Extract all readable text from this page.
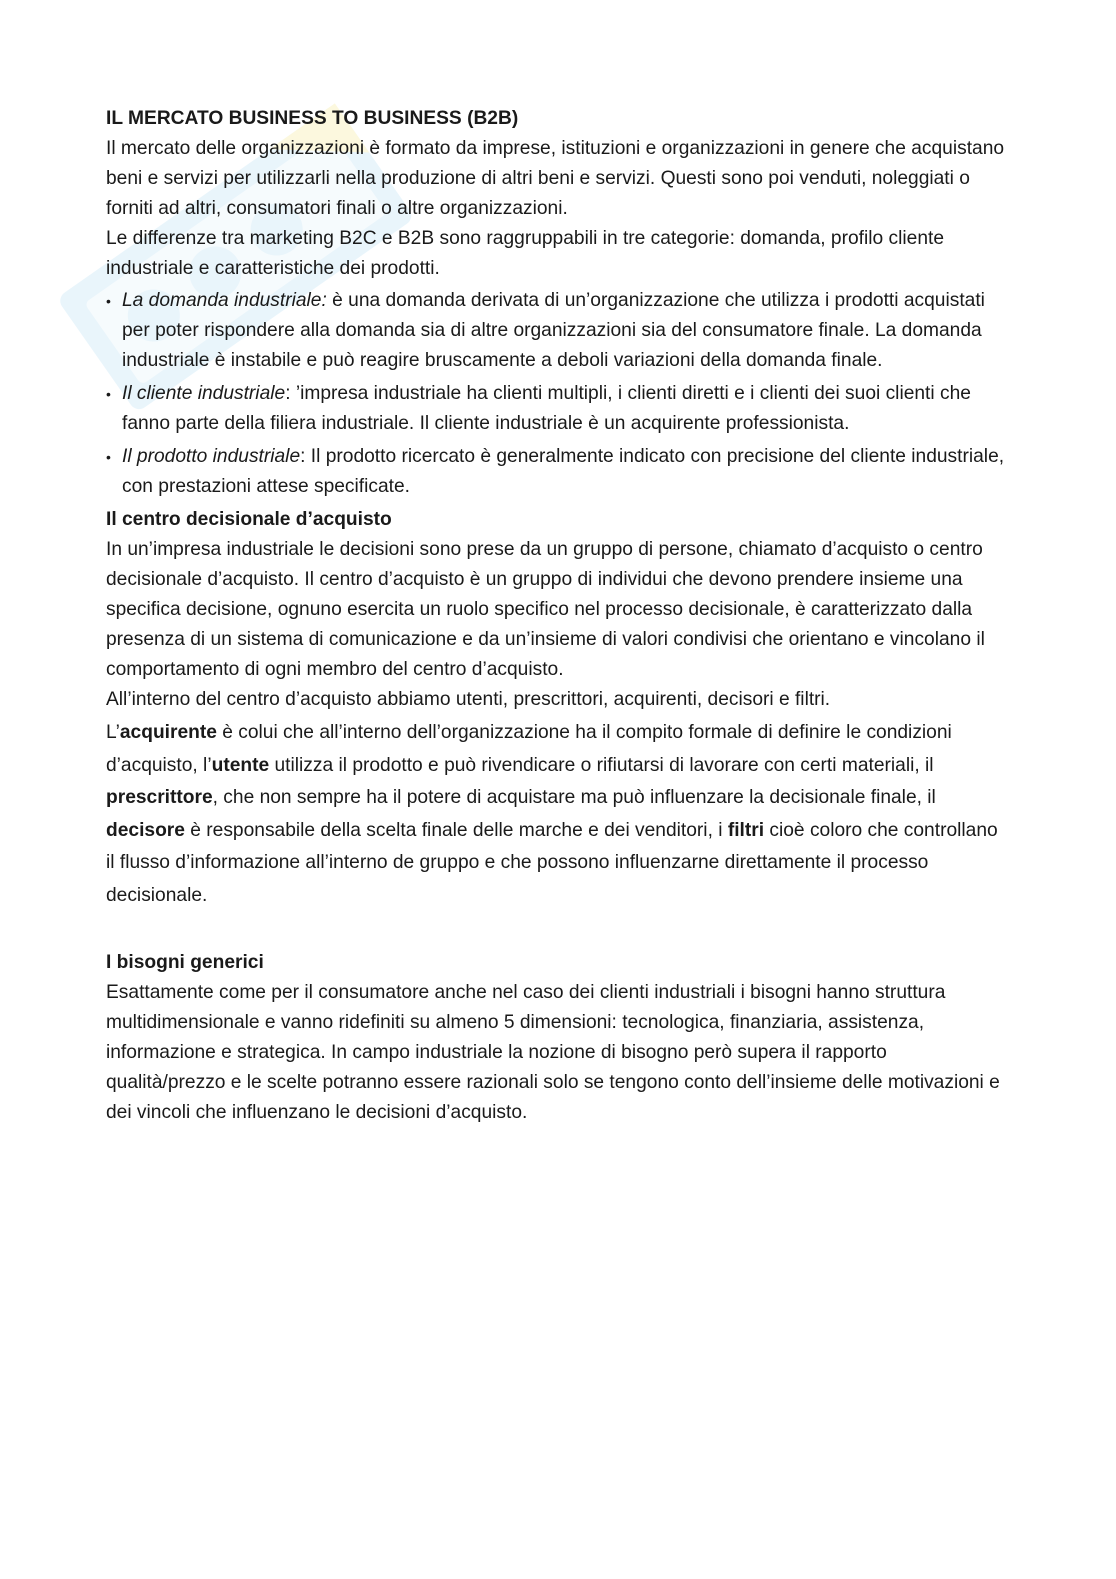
IL MERCATO BUSINESS TO BUSINESS (B2B)

Il mercato delle organizzazioni è formato da imprese, istituzioni e organizzazioni in genere che acquistano beni e servizi per utilizzarli nella produzione di altri beni e servizi. Questi sono poi venduti, noleggiati o forniti ad altri, consumatori finali o altre organizzazioni.

Le differenze tra marketing B2C e B2B sono raggruppabili in tre categorie: domanda, profilo cliente industriale e caratteristiche dei prodotti.

• La domanda industriale: è una domanda derivata di un’organizzazione che utilizza i prodotti acquistati per poter rispondere alla domanda sia di altre organizzazioni sia del consumatore finale. La domanda industriale è instabile e può reagire bruscamente a deboli variazioni della domanda finale.
• Il cliente industriale: ’impresa industriale ha clienti multipli, i clienti diretti e i clienti dei suoi clienti che fanno parte della filiera industriale. Il cliente industriale è un acquirente professionista.
• Il prodotto industriale: Il prodotto ricercato è generalmente indicato con precisione del cliente industriale, con prestazioni attese specificate.
Il centro decisionale d’acquisto

In un’impresa industriale le decisioni sono prese da un gruppo di persone, chiamato d’acquisto o centro decisionale d’acquisto. Il centro d’acquisto è un gruppo di individui che devono prendere insieme una specifica decisione, ognuno esercita un ruolo specifico nel processo decisionale, è caratterizzato dalla presenza di un sistema di comunicazione e da un’insieme di valori condivisi che orientano e vincolano il comportamento di ogni membro del centro d’acquisto.

All’interno del centro d’acquisto abbiamo utenti, prescrittori, acquirenti, decisori e filtri.

L’acquirente è colui che all’interno dell’organizzazione ha il compito formale di definire le condizioni d’acquisto, l’utente utilizza il prodotto e può rivendicare o rifiutarsi di lavorare con certi materiali, il prescrittore, che non sempre ha il potere di acquistare ma può influenzare la decisionale finale, il decisore è responsabile della scelta finale delle marche e dei venditori, i filtri cioè coloro che controllano il flusso d’informazione all’interno de gruppo e che possono influenzarne direttamente il processo decisionale.

I bisogni generici

Esattamente come per il consumatore anche nel caso dei clienti industriali i bisogni hanno struttura multidimensionale e vanno ridefiniti su almeno 5 dimensioni: tecnologica, finanziaria, assistenza, informazione e strategica. In campo industriale la nozione di bisogno però supera il rapporto qualità/prezzo e le scelte potranno essere razionali solo se tengono conto dell’insieme delle motivazioni e dei vincoli che influenzano le decisioni d’acquisto.
